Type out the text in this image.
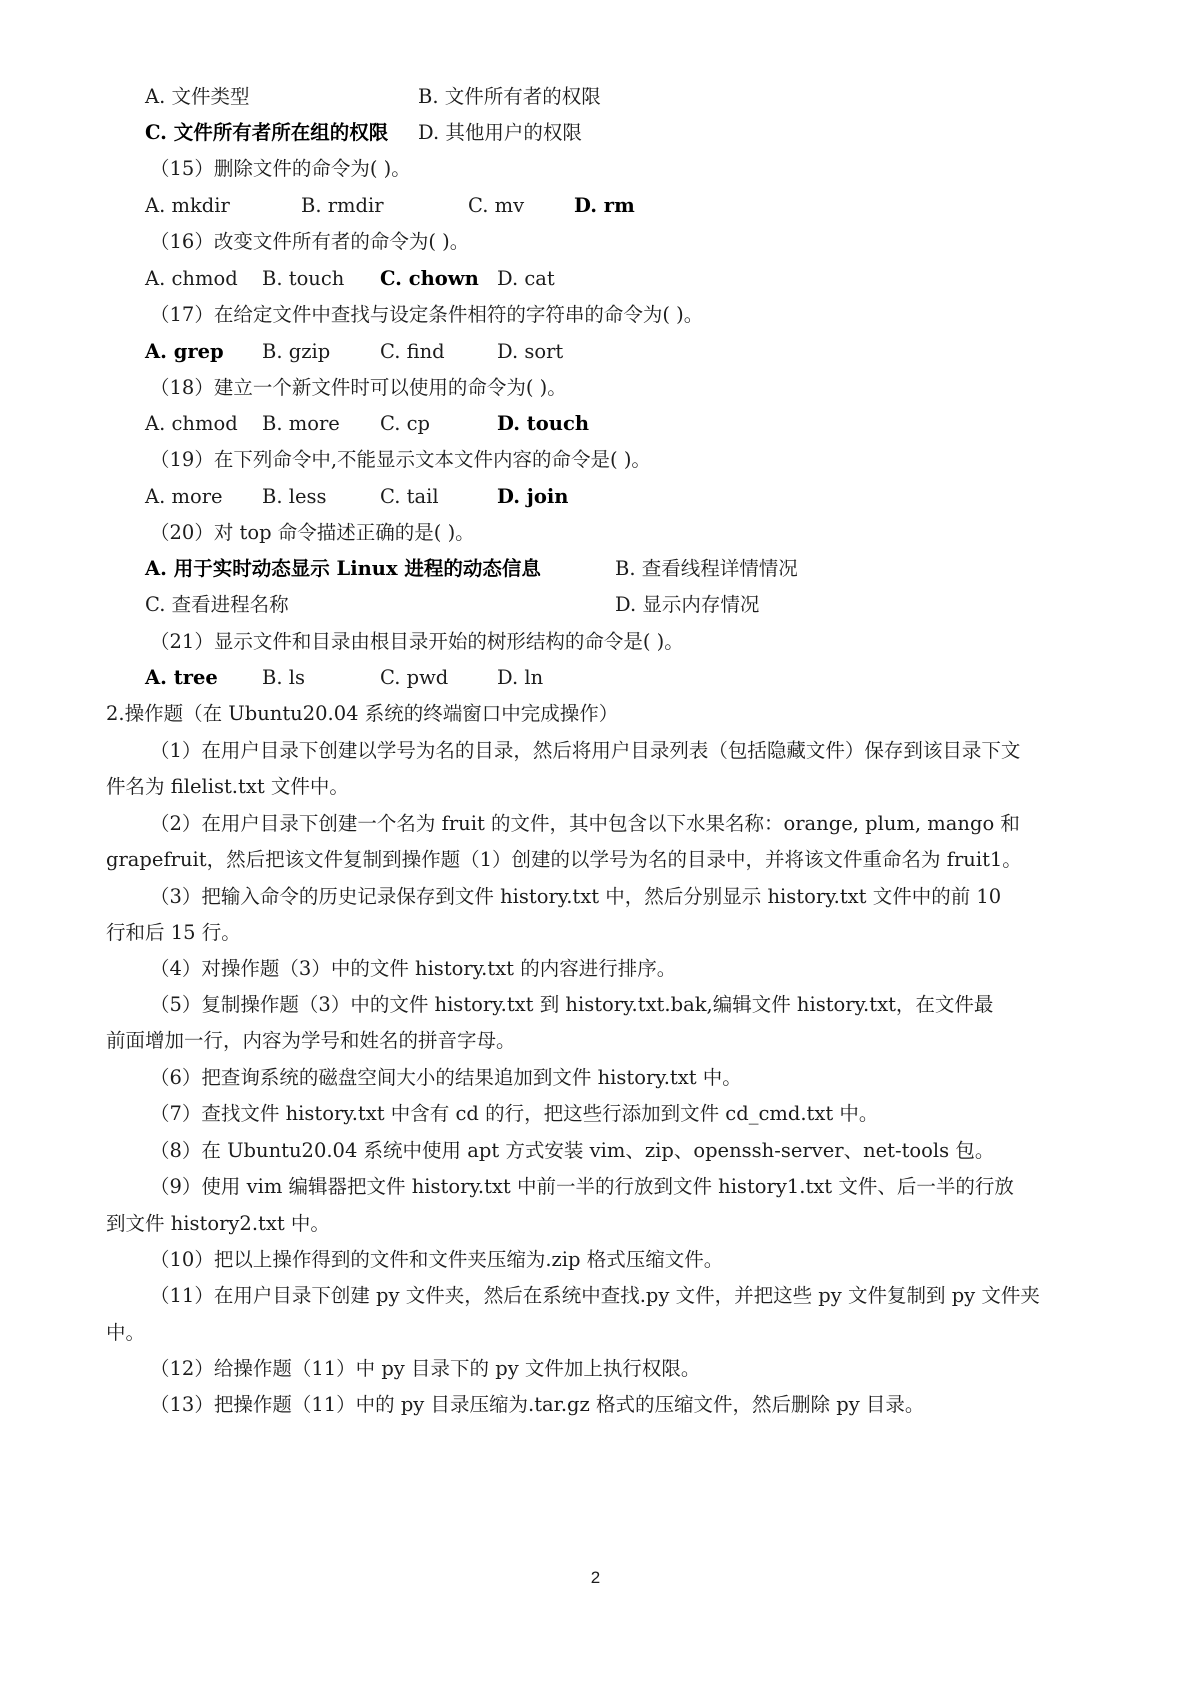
A. 文件类型	B. 文件所有者的权限
C. 文件所有者所在组的权限 D. 其他用户的权限
（15）删除文件的命令为( )。
A. mkdir	B. rmdir	C. mv	D. rm
（16）改变文件所有者的命令为( )。
A. chmod B. touch C. chown D. cat
（17）在给定文件中查找与设定条件相符的字符串的命令为( )。
A. grep B. gzip	C. find	D. sort
（18）建立一个新文件时可以使用的命令为( )。
A. chmod B. more C. cp	D. touch
（19）在下列命令中,不能显示文本文件内容的命令是( )。
A. more B. less	C. tail	D. join
（20）对 top 命令描述正确的是( )。
A. 用于实时动态显示 Linux 进程的动态信息	B. 查看线程详情情况
C. 查看进程名称	D. 显示内存情况
（21）显示文件和目录由根目录开始的树形结构的命令是( )。
A. tree B. ls	C. pwd D. ln
2.操作题（在 Ubuntu20.04 系统的终端窗口中完成操作）
（1）在用户目录下创建以学号为名的目录，然后将用户目录列表（包括隐藏文件）保存到该目录下文
件名为 filelist.txt 文件中。
（2）在用户目录下创建一个名为 fruit 的文件，其中包含以下水果名称：orange, plum, mango 和
grapefruit，然后把该文件复制到操作题（1）创建的以学号为名的目录中，并将该文件重命名为 fruit1。
（3）把输入命令的历史记录保存到文件 history.txt 中，然后分别显示 history.txt 文件中的前 10
行和后 15 行。
（4）对操作题（3）中的文件 history.txt 的内容进行排序。
（5）复制操作题（3）中的文件 history.txt 到 history.txt.bak,编辑文件 history.txt，在文件最
前面增加一行，内容为学号和姓名的拼音字母。
（6）把查询系统的磁盘空间大小的结果追加到文件 history.txt 中。
（7）查找文件 history.txt 中含有 cd 的行，把这些行添加到文件 cd_cmd.txt 中。
（8）在 Ubuntu20.04 系统中使用 apt 方式安装 vim、zip、openssh-server、net-tools 包。
（9）使用 vim 编辑器把文件 history.txt 中前一半的行放到文件 history1.txt 文件、后一半的行放
到文件 history2.txt 中。
（10）把以上操作得到的文件和文件夹压缩为.zip 格式压缩文件。
（11）在用户目录下创建 py 文件夹，然后在系统中查找.py 文件，并把这些 py 文件复制到 py 文件夹
中。
（12）给操作题（11）中 py 目录下的 py 文件加上执行权限。
（13）把操作题（11）中的 py 目录压缩为.tar.gz 格式的压缩文件，然后删除 py 目录。
2
